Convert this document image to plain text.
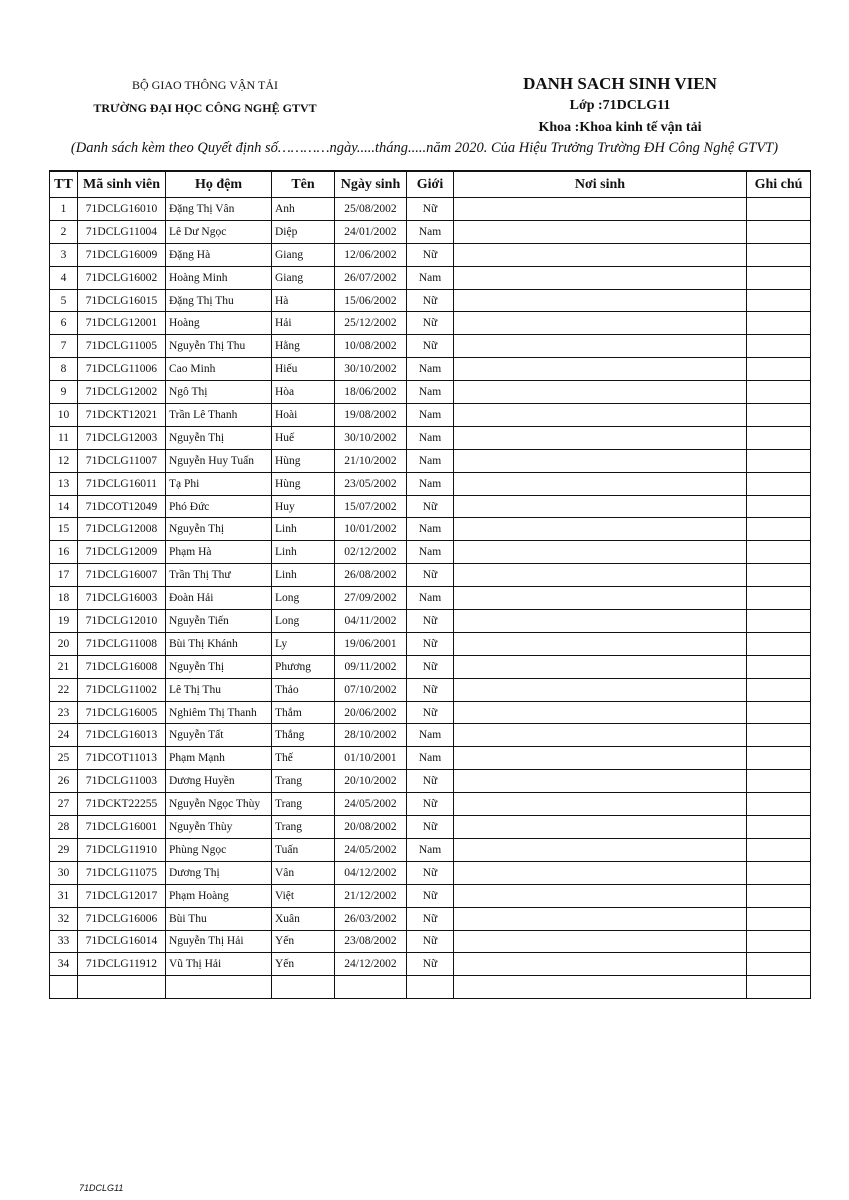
BỘ GIAO THÔNG VẬN TẢI
TRƯỜNG ĐẠI HỌC CÔNG NGHỆ GTVT
DANH SACH SINH VIEN
Lớp :71DCLG11
Khoa :Khoa kinh tế vận tải
(Danh sách kèm theo Quyết định số…………ngày.....tháng.....năm 2020. Của Hiệu Trưởng Trường ĐH Công Nghệ GTVT)
TT	Mã sinh viên	Họ đệm	Tên	Ngày sinh	Giới	Nơi sinh	Ghi chú
1	71DCLG16010	Đặng Thị Vân	Anh	25/08/2002	Nữ		
2	71DCLG11004	Lê Dư Ngọc	Diệp	24/01/2002	Nam		
3	71DCLG16009	Đặng Hà	Giang	12/06/2002	Nữ		
4	71DCLG16002	Hoàng Minh	Giang	26/07/2002	Nam		
5	71DCLG16015	Đặng Thị Thu	Hà	15/06/2002	Nữ		
6	71DCLG12001	Hoàng	Hải	25/12/2002	Nữ		
7	71DCLG11005	Nguyễn Thị Thu	Hằng	10/08/2002	Nữ		
8	71DCLG11006	Cao Minh	Hiếu	30/10/2002	Nam		
9	71DCLG12002	Ngô Thị	Hòa	18/06/2002	Nam		
10	71DCKT12021	Trần Lê Thanh	Hoài	19/08/2002	Nam		
11	71DCLG12003	Nguyễn Thị	Huế	30/10/2002	Nam		
12	71DCLG11007	Nguyễn Huy Tuấn	Hùng	21/10/2002	Nam		
13	71DCLG16011	Tạ Phi	Hùng	23/05/2002	Nam		
14	71DCOT12049	Phó Đức	Huy	15/07/2002	Nữ		
15	71DCLG12008	Nguyễn Thị	Linh	10/01/2002	Nam		
16	71DCLG12009	Phạm Hà	Linh	02/12/2002	Nam		
17	71DCLG16007	Trần Thị Thư	Linh	26/08/2002	Nữ		
18	71DCLG16003	Đoàn Hải	Long	27/09/2002	Nam		
19	71DCLG12010	Nguyễn Tiến	Long	04/11/2002	Nữ		
20	71DCLG11008	Bùi Thị Khánh	Ly	19/06/2001	Nữ		
21	71DCLG16008	Nguyễn Thị	Phương	09/11/2002	Nữ		
22	71DCLG11002	Lê Thị Thu	Thảo	07/10/2002	Nữ		
23	71DCLG16005	Nghiêm Thị Thanh	Thắm	20/06/2002	Nữ		
24	71DCLG16013	Nguyễn Tất	Thắng	28/10/2002	Nam		
25	71DCOT11013	Phạm Mạnh	Thế	01/10/2001	Nam		
26	71DCLG11003	Dương Huyền	Trang	20/10/2002	Nữ		
27	71DCKT22255	Nguyễn Ngọc Thùy	Trang	24/05/2002	Nữ		
28	71DCLG16001	Nguyễn Thùy	Trang	20/08/2002	Nữ		
29	71DCLG11910	Phùng Ngọc	Tuấn	24/05/2002	Nam		
30	71DCLG11075	Dương Thị	Vân	04/12/2002	Nữ		
31	71DCLG12017	Phạm Hoàng	Việt	21/12/2002	Nữ		
32	71DCLG16006	Bùi Thu	Xuân	26/03/2002	Nữ		
33	71DCLG16014	Nguyễn Thị Hải	Yến	23/08/2002	Nữ		
34	71DCLG11912	Vũ Thị Hải	Yến	24/12/2002	Nữ		

71DCLG11
